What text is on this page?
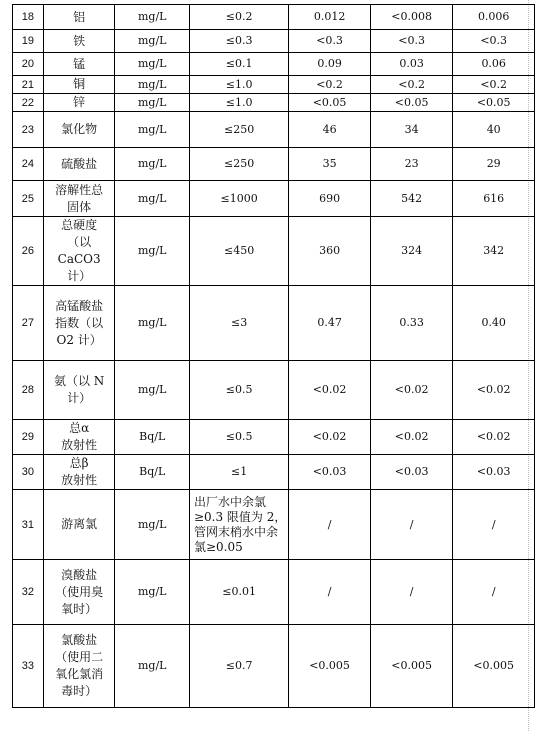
18	铝	mg/L	≤0.2	0.012	<0.008	0.006

19	铁	mg/L	≤0.3	<0.3	<0.3	<0.3

20	锰	mg/L	≤0.1	0.09	0.03	0.06

21	铜	mg/L	≤1.0	<0.2	<0.2	<0.2

22	锌	mg/L	≤1.0	<0.05	<0.05	<0.05

23	氯化物	mg/L	≤250	46	34	40

24	硫酸盐	mg/L	≤250	35	23	29

25	溶解性总
固体	mg/L	≤1000	690	542	616

26	总硬度
（以 CaCO3
计）	mg/L	≤450	360	324	342

27	高锰酸盐
指数（以
O2 计）	mg/L	≤3	0.47	0.33	0.40

28	氨（以 N
计）	mg/L	≤0.5	<0.02	<0.02	<0.02

29	总α
放射性	Bq/L	≤0.5	<0.02	<0.02	<0.02

30	总β
放射性	Bq/L	≤1	<0.03	<0.03	<0.03

31	游离氯	mg/L	出厂水中余氯
≥0.3 限值为 2，
管网末梢水中余
氯≥0.05	/	/	/

32	溴酸盐
（使用臭
氧时）	mg/L	≤0.01	/	/	/

33	氯酸盐
（使用二
氧化氯消
毒时）	mg/L	≤0.7	<0.005	<0.005	<0.005
